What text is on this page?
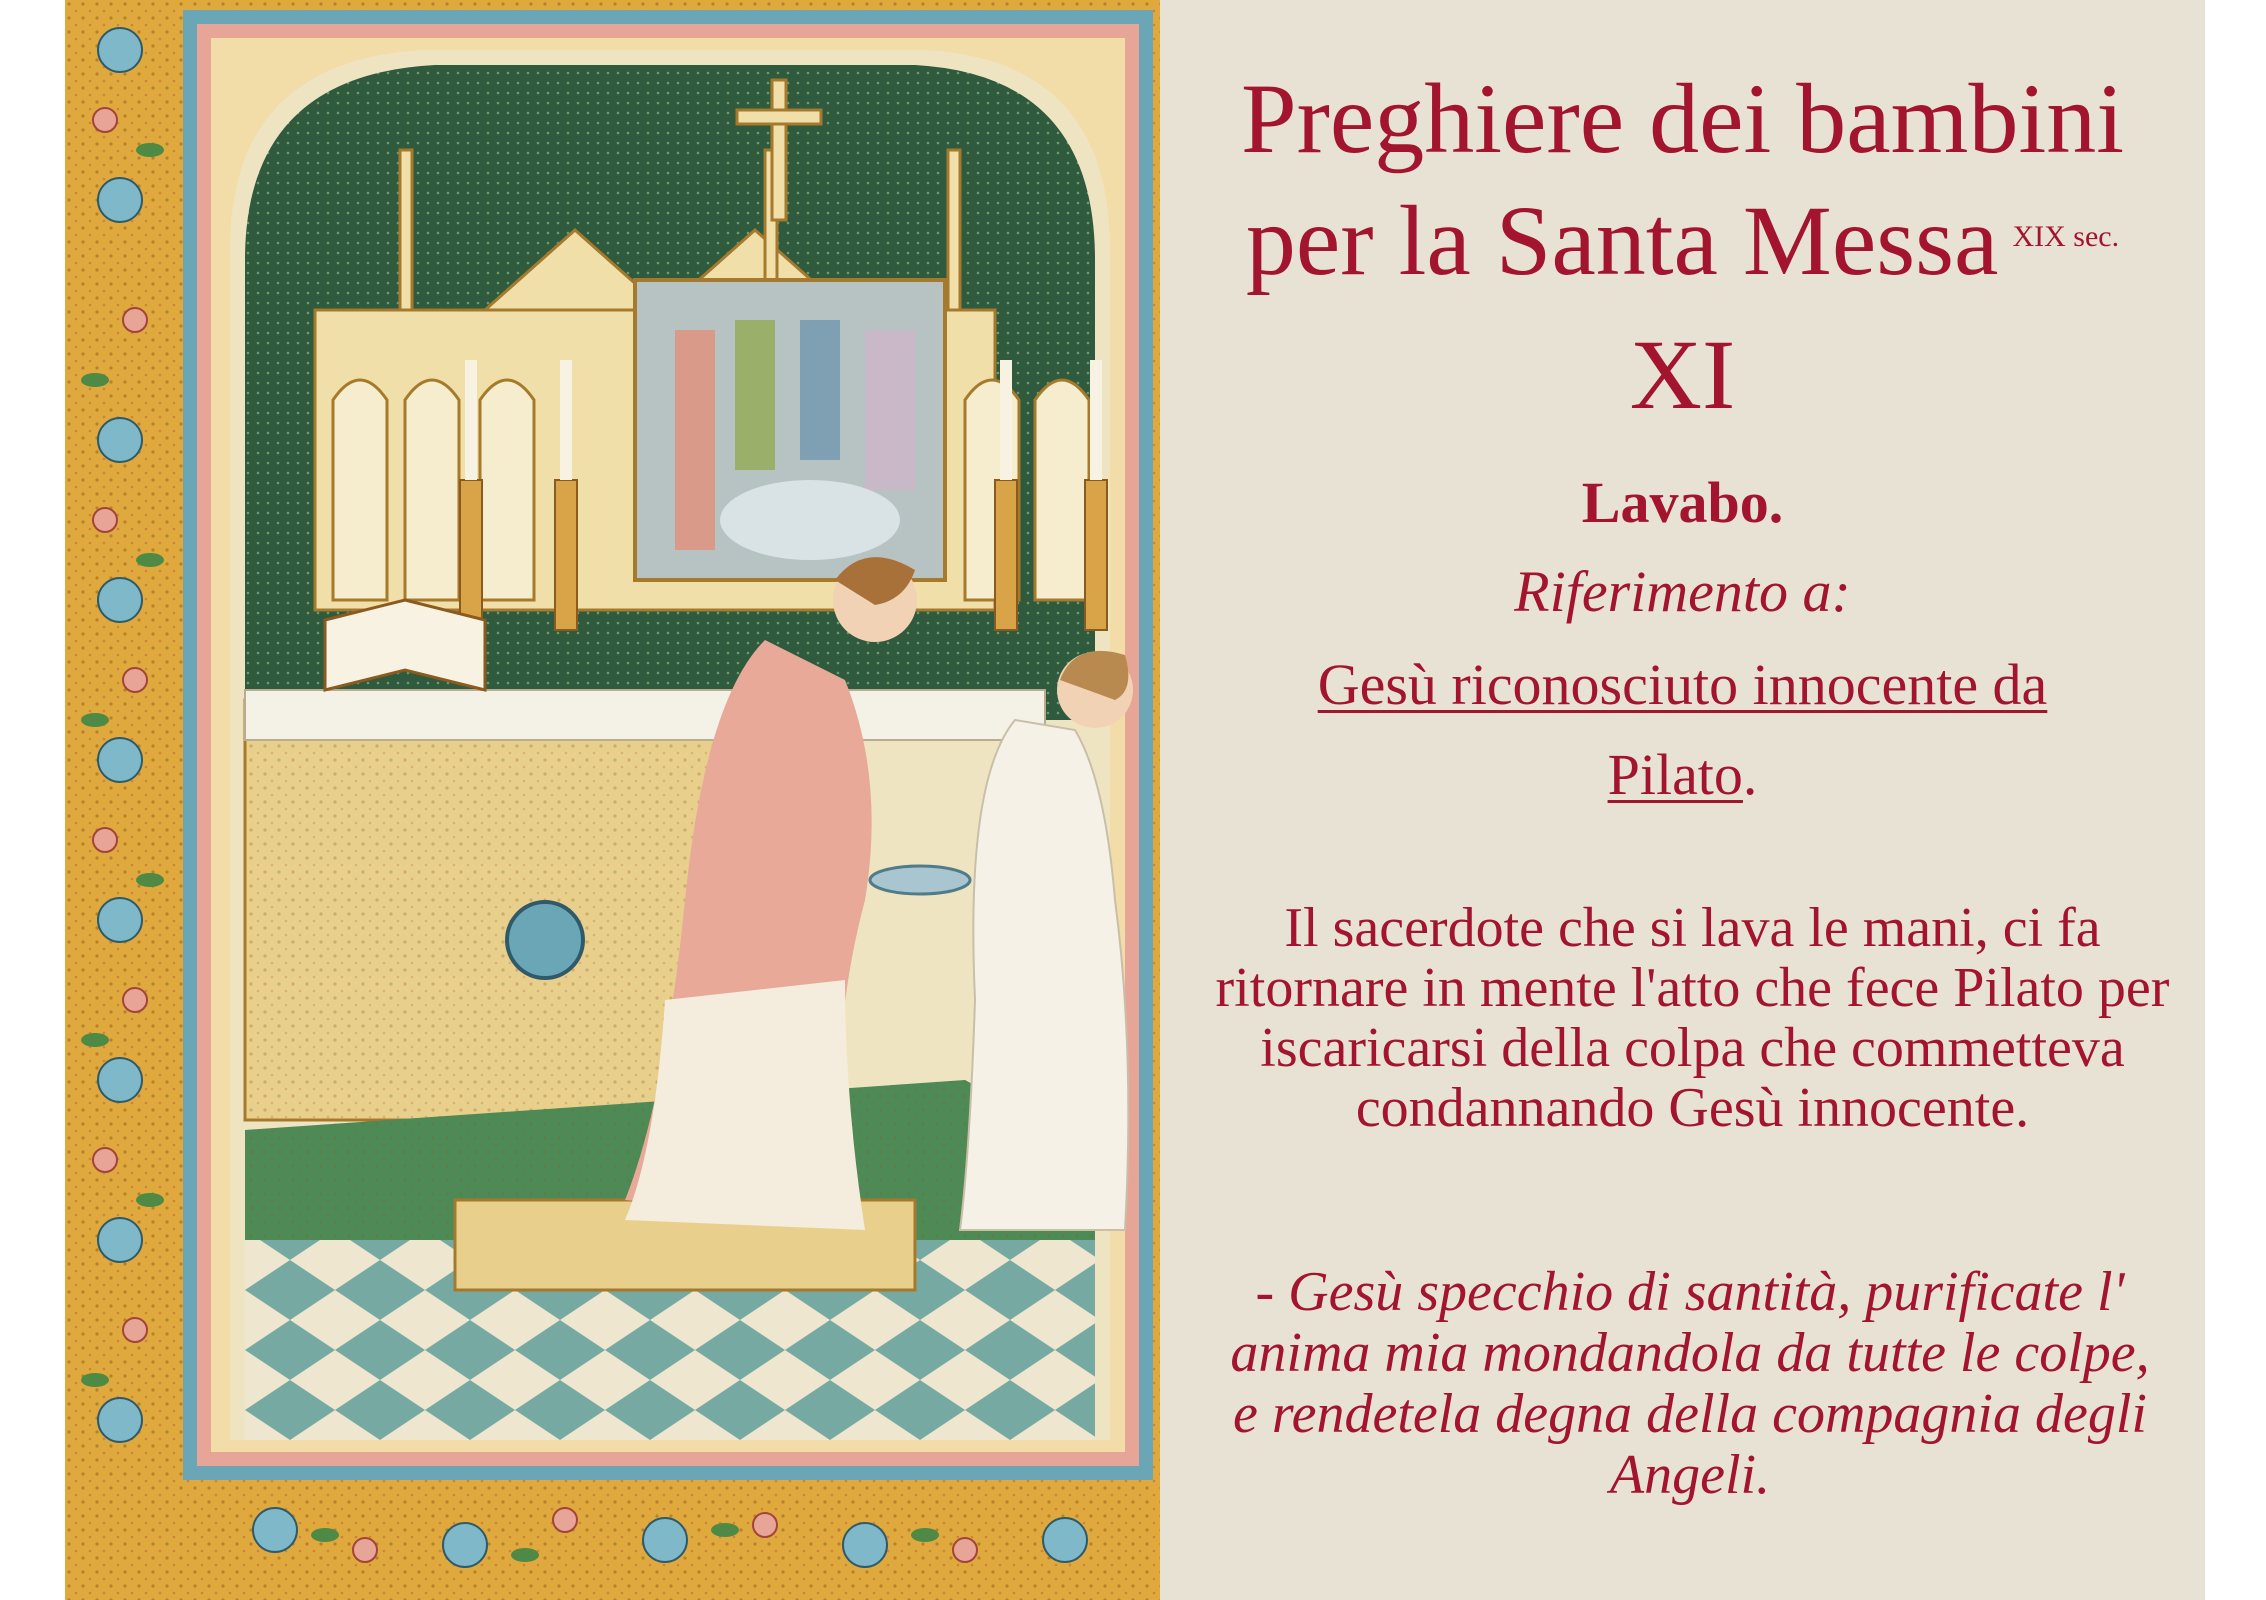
Preghiere dei bambini
per la Santa Messa $^{XIX sec.}$
XI
Lavabo.
Riferimento a:
Gesù riconosciuto innocente da
Pilato.

Il sacerdote che si lava le mani, ci fa ritornare in mente l'atto che fece Pilato per iscaricarsi della colpa che commetteva condannando Gesù innocente.

- Gesù specchio di santità, purificate l' anima mia mondandola da tutte le colpe, e rendetela degna della compagnia degli Angeli.
